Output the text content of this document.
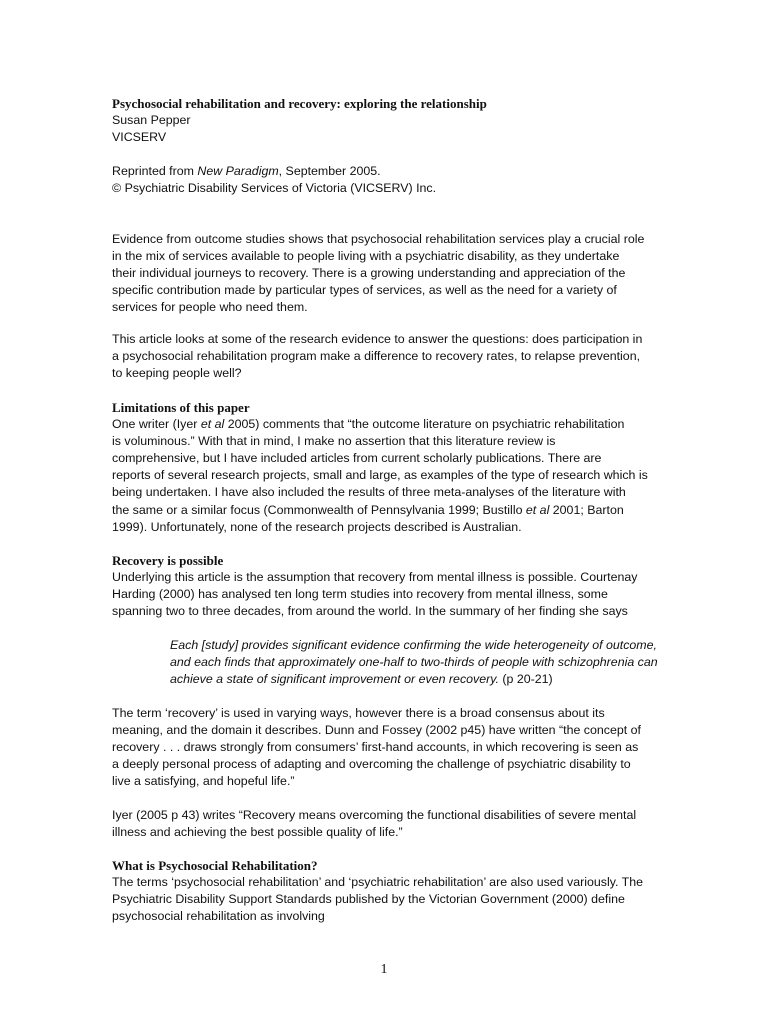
Psychosocial rehabilitation and recovery: exploring the relationship
Susan Pepper
VICSERV
Reprinted from New Paradigm, September 2005.
© Psychiatric Disability Services of Victoria (VICSERV) Inc.
Evidence from outcome studies shows that psychosocial rehabilitation services play a crucial role
in the mix of services available to people living with a psychiatric disability, as they undertake
their individual journeys to recovery. There is a growing understanding and appreciation of the
specific contribution made by particular types of services, as well as the need for a variety of
services for people who need them.
This article looks at some of the research evidence to answer the questions: does participation in
a psychosocial rehabilitation program make a difference to recovery rates, to relapse prevention,
to keeping people well?
Limitations of this paper
One writer (Iyer et al 2005) comments that “the outcome literature on psychiatric rehabilitation
is voluminous.” With that in mind, I make no assertion that this literature review is
comprehensive, but I have included articles from current scholarly publications. There are
reports of several research projects, small and large, as examples of the type of research which is
being undertaken. I have also included the results of three meta-analyses of the literature with
the same or a similar focus (Commonwealth of Pennsylvania 1999; Bustillo et al 2001; Barton
1999). Unfortunately, none of the research projects described is Australian.
Recovery is possible
Underlying this article is the assumption that recovery from mental illness is possible. Courtenay
Harding (2000) has analysed ten long term studies into recovery from mental illness, some
spanning two to three decades, from around the world. In the summary of her finding she says
Each [study] provides significant evidence confirming the wide heterogeneity of outcome,
and each finds that approximately one-half to two-thirds of people with schizophrenia can
achieve a state of significant improvement or even recovery. (p 20-21)
The term ‘recovery’ is used in varying ways, however there is a broad consensus about its
meaning, and the domain it describes. Dunn and Fossey (2002 p45) have written “the concept of
recovery . . . draws strongly from consumers’ first-hand accounts, in which recovering is seen as
a deeply personal process of adapting and overcoming the challenge of psychiatric disability to
live a satisfying, and hopeful life.”
Iyer (2005 p 43) writes “Recovery means overcoming the functional disabilities of severe mental
illness and achieving the best possible quality of life.”
What is Psychosocial Rehabilitation?
The terms ‘psychosocial rehabilitation’ and ‘psychiatric rehabilitation’ are also used variously. The
Psychiatric Disability Support Standards published by the Victorian Government (2000) define
psychosocial rehabilitation as involving
1
